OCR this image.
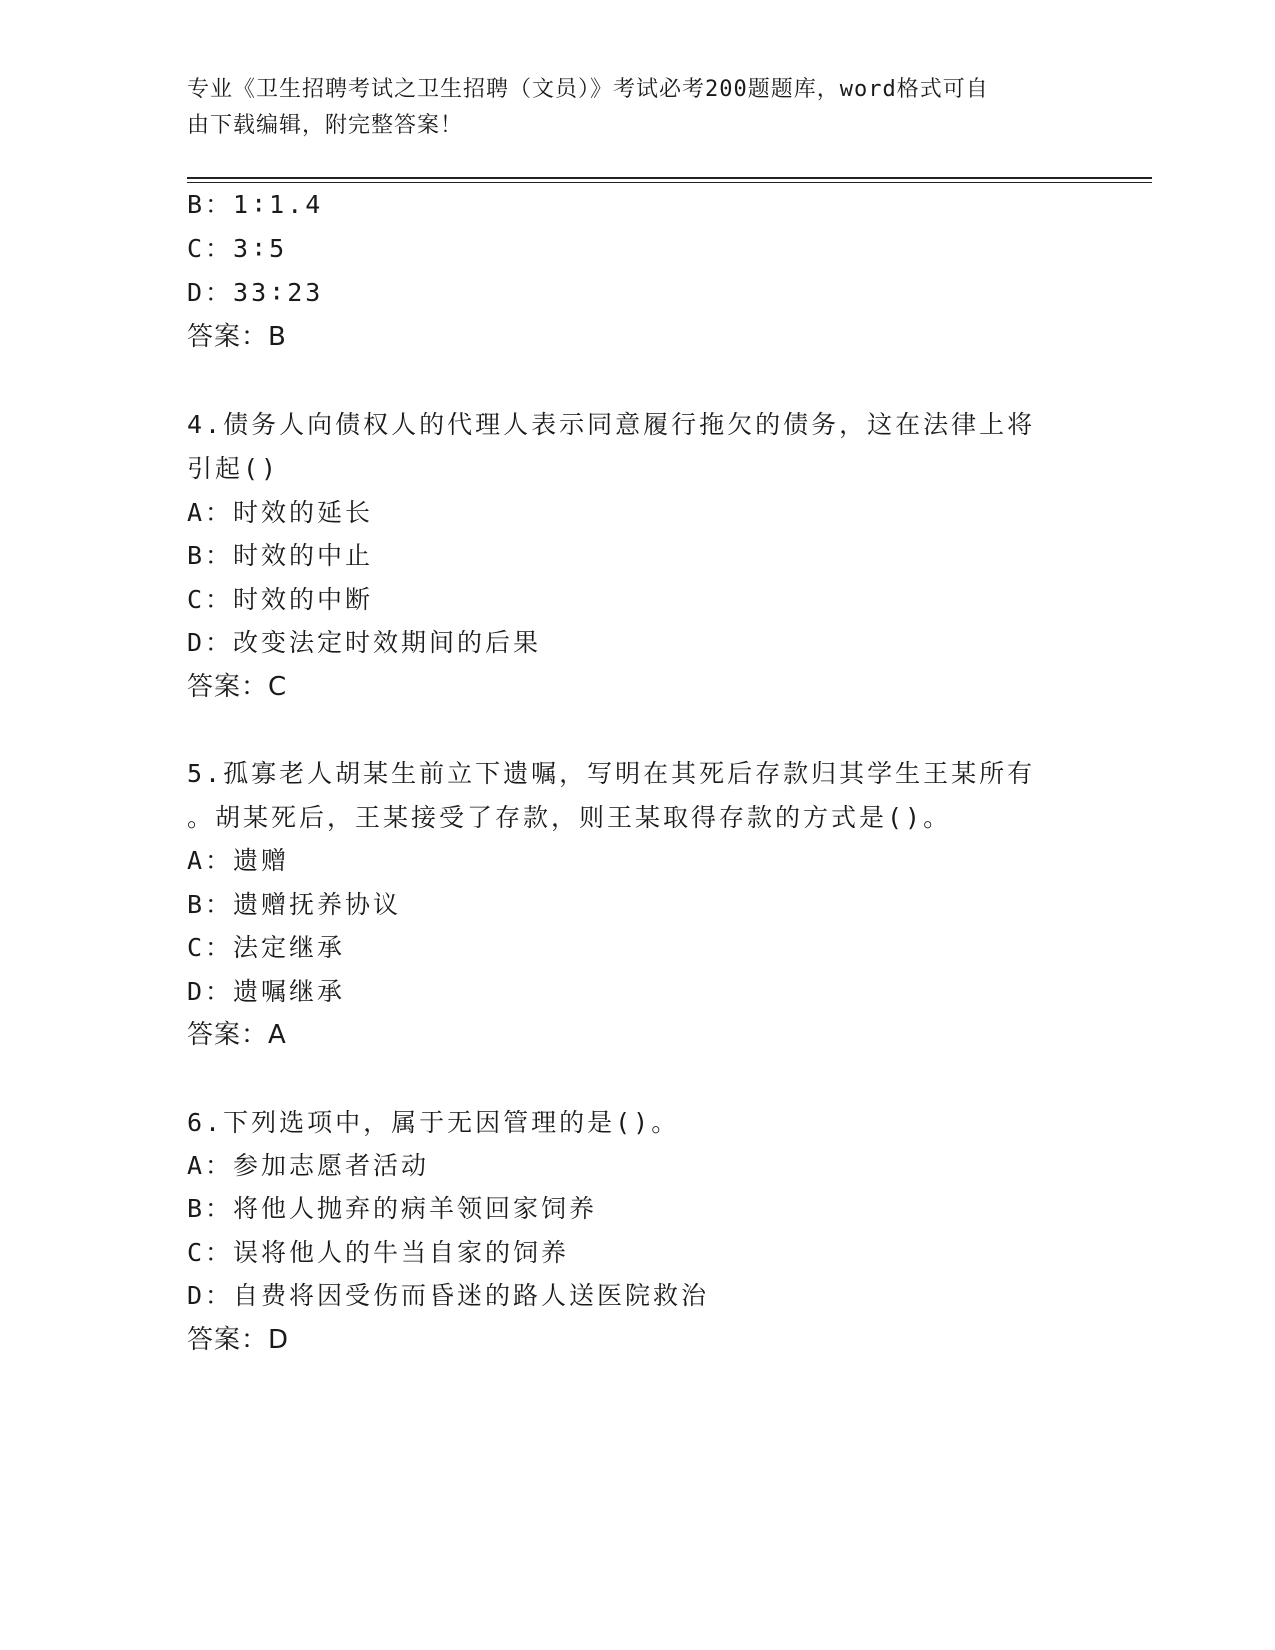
专业《卫生招聘考试之卫生招聘（文员）》考试必考200题题库，word格式可自
由下载编辑，附完整答案！
B：1∶1.4
C：3∶5
D：33∶23
答案：B
4.债务人向债权人的代理人表示同意履行拖欠的债务，这在法律上将
引起()
A：时效的延长
B：时效的中止
C：时效的中断
D：改变法定时效期间的后果
答案：C
5.孤寡老人胡某生前立下遗嘱，写明在其死后存款归其学生王某所有
。胡某死后，王某接受了存款，则王某取得存款的方式是()。
A：遗赠
B：遗赠抚养协议
C：法定继承
D：遗嘱继承
答案：A
6.下列选项中，属于无因管理的是()。
A：参加志愿者活动
B：将他人抛弃的病羊领回家饲养
C：误将他人的牛当自家的饲养
D：自费将因受伤而昏迷的路人送医院救治
答案：D
